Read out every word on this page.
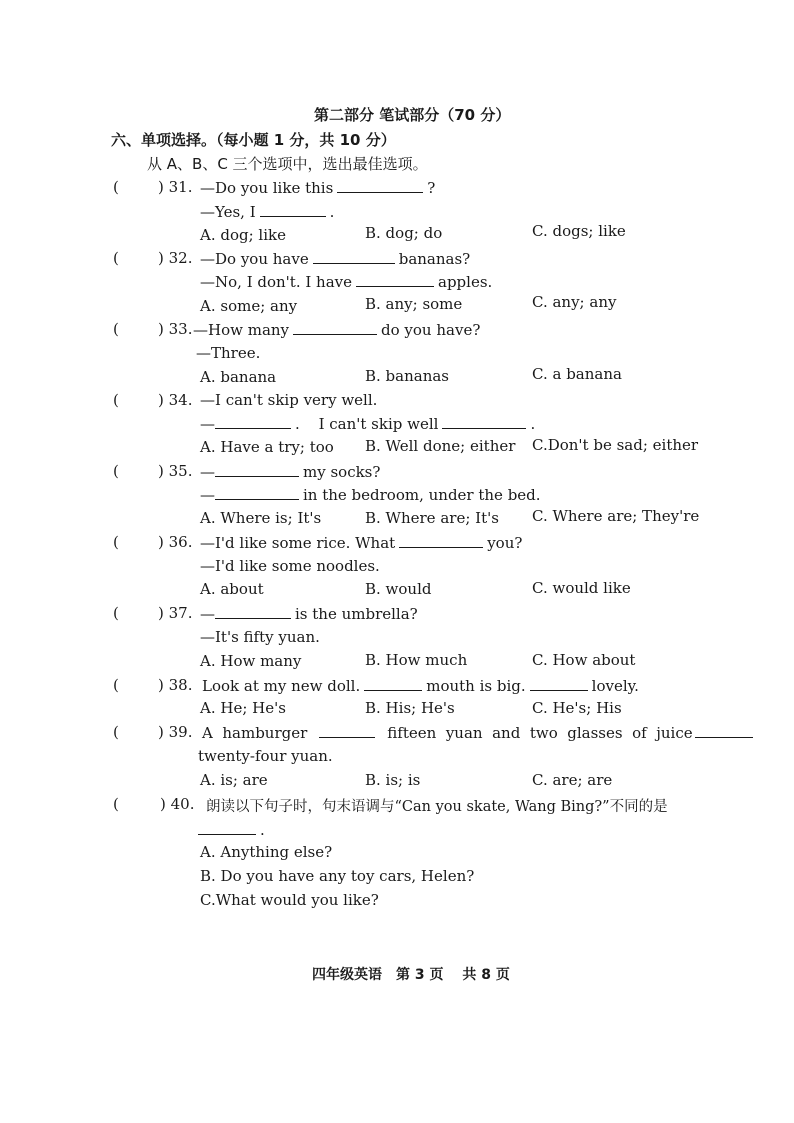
第二部分 笔试部分（70 分）
六、单项选择。（每小题 1 分，共 10 分）
从 A、B、C 三个选项中，选出最佳选项。
(	) 31. —Do you like this	?
—Yes, I	.
A. dog; like	B. dog; do	C. dogs; like
(	) 32. —Do you have	bananas?
—No, I don't. I have	apples.
A. some; any	B. any; some	C. any; any
(	) 33. —How many	do you have?
—Three.
A. banana	B. bananas	C. a banana
(	) 34. —I can't skip very well.
—	. I can't skip well	.
A. Have a try; too B. Well done; either C.Don't be sad; either
(	) 35. —	my socks?
—	in the bedroom, under the bed.
A. Where is; It's	B. Where are; It's C. Where are; They're
(	) 36. —I'd like some rice. What	you?
—I'd like some noodles.
A. about	B. would	C. would like
(	) 37. —	is the umbrella?
—It's fifty yuan.
A. How many	B. How much	C. How about
(	) 38. Look at my new doll.	mouth is big.	lovely.
A. He; He's	B. His; He's	C. He's; His
(	) 39. A  hamburger	fifteen  yuan  and  two  glasses  of  juice
twenty-four yuan.
A. is; are	B. is; is	C. are; are
(	) 40. 朗读以下句子时，句末语调与“Can you skate, Wang Bing?”不同的是
.
A. Anything else?
B. Do you have any toy cars, Helen?
C.What would you like?
四年级英语　第 3 页　 共 8 页
